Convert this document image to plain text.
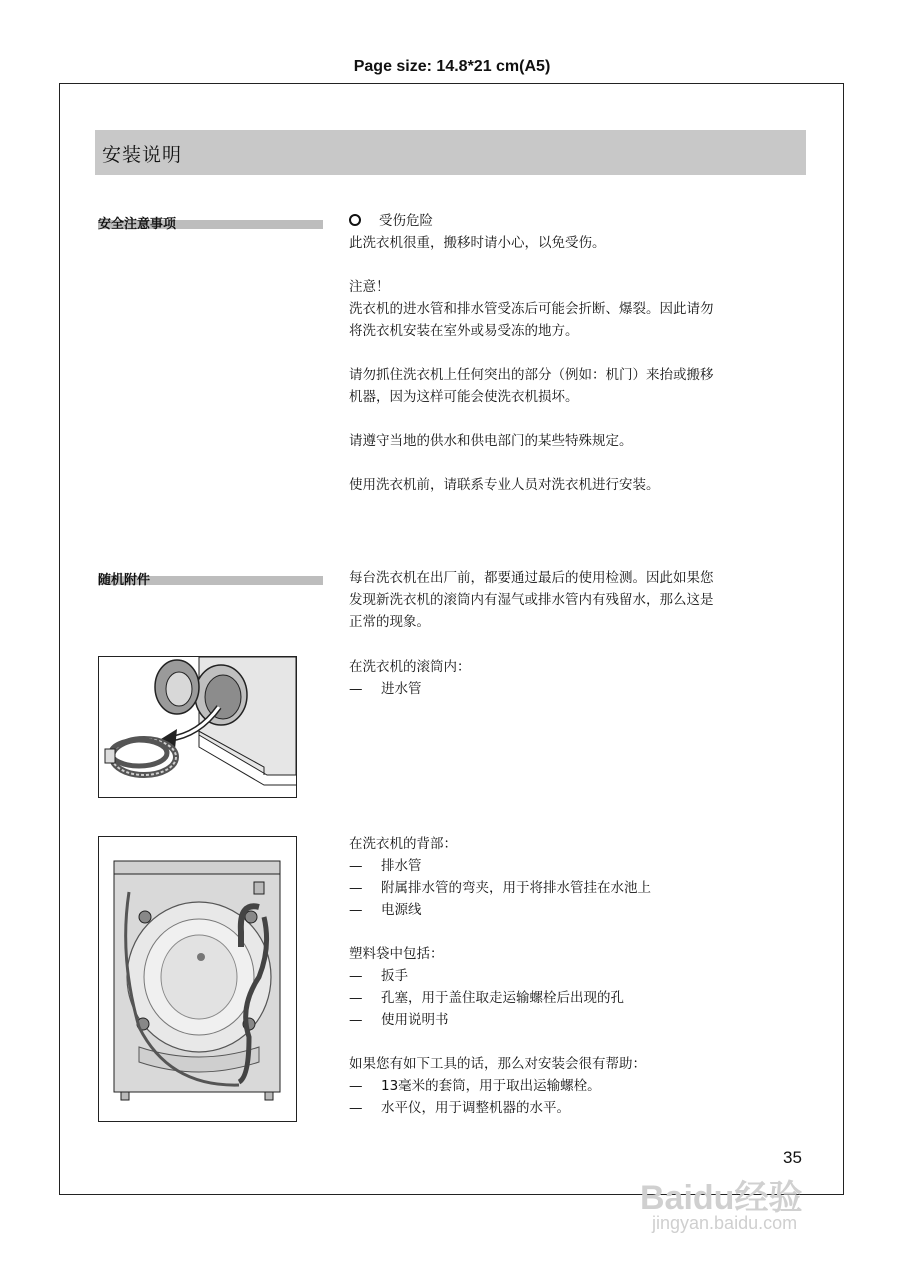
Page size: 14.8*21 cm(A5)
安装说明
安全注意事项	受伤危险

此洗衣机很重，搬移时请小心，以免受伤。

注意！

洗衣机的进水管和排水管受冻后可能会折断、爆裂。因此请勿

将洗衣机安装在室外或易受冻的地方。

请勿抓住洗衣机上任何突出的部分（例如：机门）来抬或搬移

机器，因为这样可能会使洗衣机损坏。

请遵守当地的供水和供电部门的某些特殊规定。

使用洗衣机前，请联系专业人员对洗衣机进行安装。

随机附件	每台洗衣机在出厂前，都要通过最后的使用检测。因此如果您

发现新洗衣机的滚筒内有湿气或排水管内有残留水，那么这是

正常的现象。

在洗衣机的滚筒内：

— 进水管

在洗衣机的背部：

— 排水管

— 附属排水管的弯夹，用于将排水管挂在水池上

— 电源线

塑料袋中包括：

— 扳手

— 孔塞，用于盖住取走运输螺栓后出现的孔

— 使用说明书

如果您有如下工具的话，那么对安装会很有帮助：

— 13毫米的套筒，用于取出运输螺栓。

— 水平仪，用于调整机器的水平。

35
Baidu经验
jingyan.baidu.com
